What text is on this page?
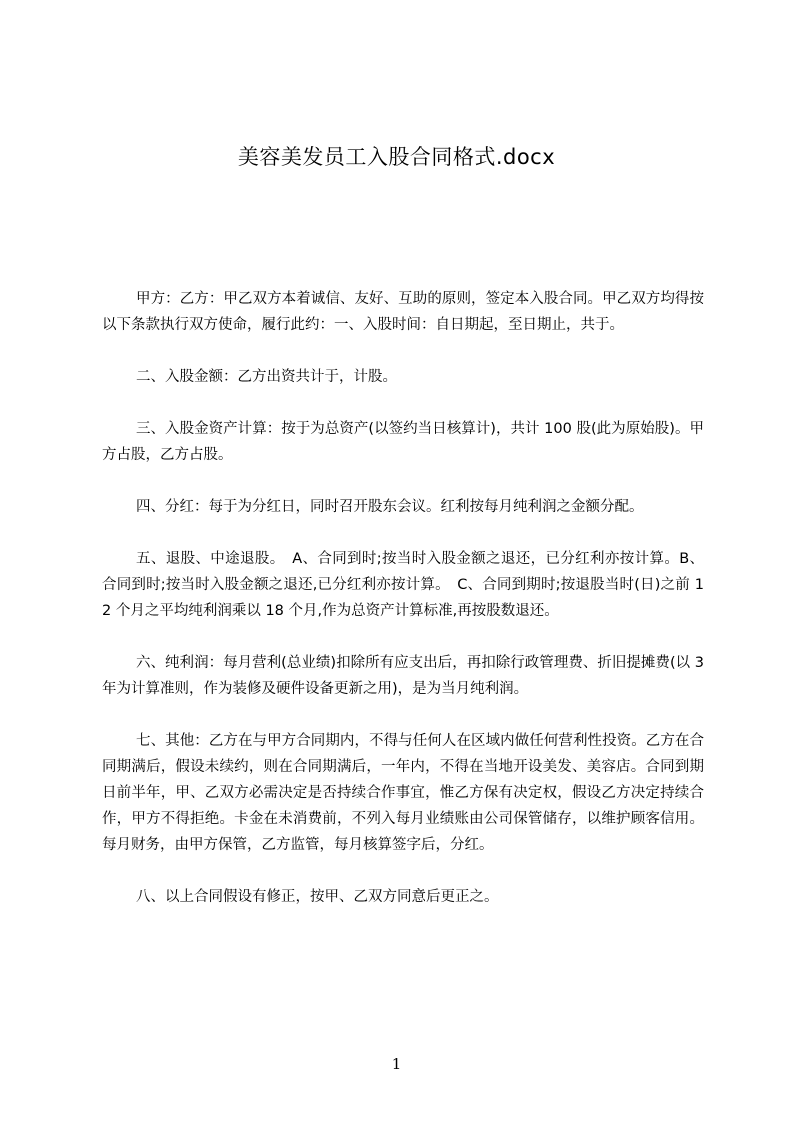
美容美发员工入股合同格式.docx

甲方：乙方：甲乙双方本着诚信、友好、互助的原则，签定本入股合同。甲乙双方均得按以下条款执行双方使命，履行此约：一、入股时间：自日期起，至日期止，共于。

二、入股金额：乙方出资共计于，计股。

三、入股金资产计算：按于为总资产(以签约当日核算计)，共计 100 股(此为原始股)。甲方占股，乙方占股。

四、分红：每于为分红日，同时召开股东会议。红利按每月纯利润之金额分配。

五、退股、中途退股。　A、合同到时;按当时入股金额之退还，已分红利亦按计算。B、合同到时;按当时入股金额之退还,已分红利亦按计算。　C、合同到期时;按退股当时(日)之前 12 个月之平均纯利润乘以 18 个月,作为总资产计算标准,再按股数退还。

六、纯利润：每月营利(总业绩)扣除所有应支出后，再扣除行政管理费、折旧提摊费(以 3 年为计算准则，作为装修及硬件设备更新之用)，是为当月纯利润。

七、其他：乙方在与甲方合同期内，不得与任何人在区域内做任何营利性投资。乙方在合同期满后，假设未续约，则在合同期满后，一年内，不得在当地开设美发、美容店。合同到期日前半年，甲、乙双方必需决定是否持续合作事宜，惟乙方保有决定权，假设乙方决定持续合作，甲方不得拒绝。卡金在未消费前，不列入每月业绩账由公司保管储存，以维护顾客信用。每月财务，由甲方保管，乙方监管，每月核算签字后，分红。

八、以上合同假设有修正，按甲、乙双方同意后更正之。

1
